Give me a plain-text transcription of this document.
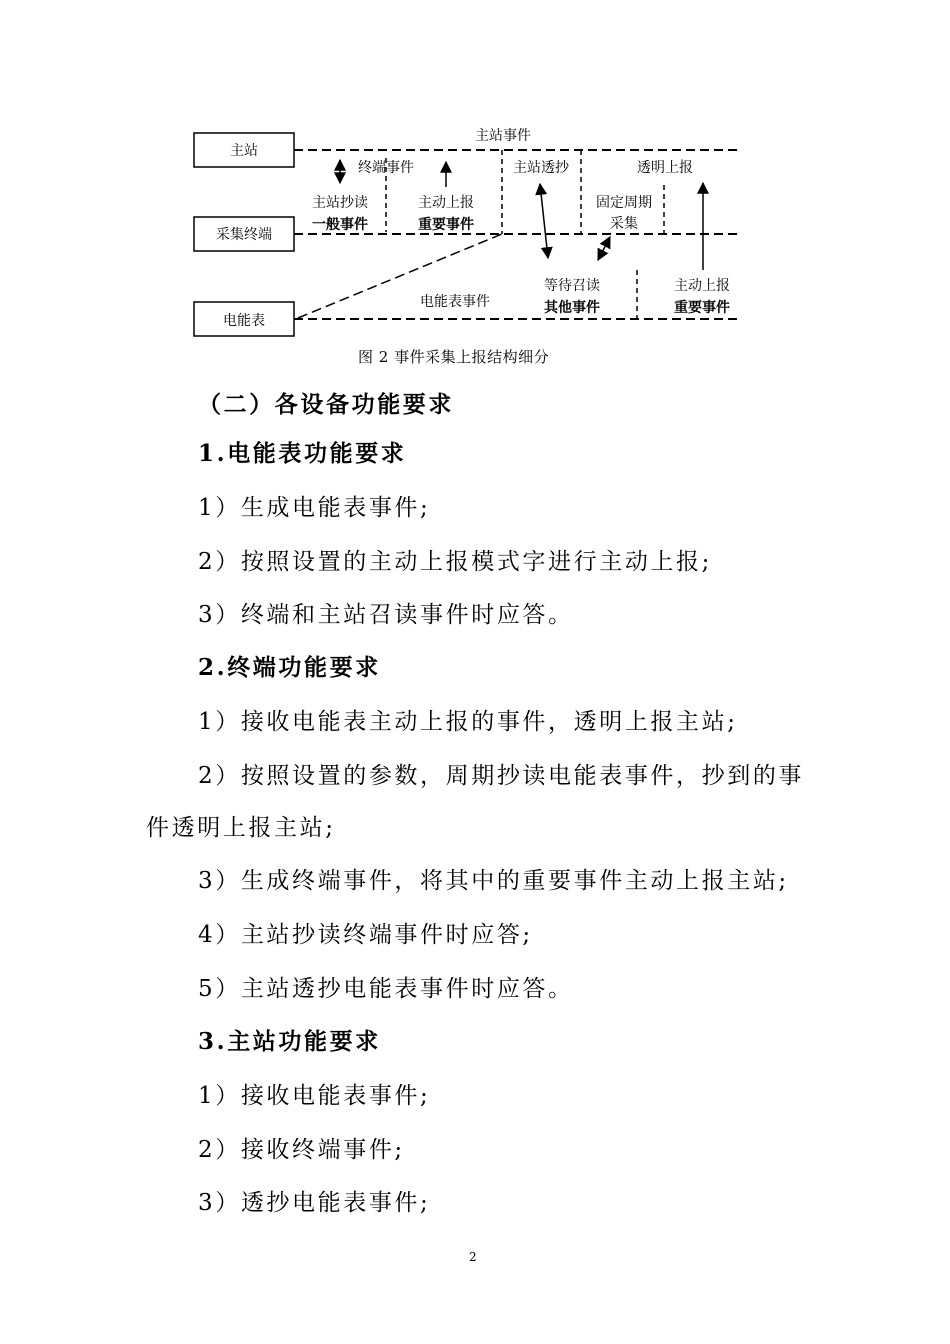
主站
采集终端
电能表
主站事件
终端事件
主站抄读
一般事件
主动上报
重要事件
主站透抄	透明上报
固定周期
采集
电能表事件
等待召读
其他事件
主动上报
重要事件
图 2 事件采集上报结构细分
（二）各设备功能要求
1.电能表功能要求
1）生成电能表事件;
2）按照设置的主动上报模式字进行主动上报;
3）终端和主站召读事件时应答。
2.终端功能要求
1）接收电能表主动上报的事件，透明上报主站;
2）按照设置的参数，周期抄读电能表事件，抄到的事
件透明上报主站;
3）生成终端事件，将其中的重要事件主动上报主站;
4）主站抄读终端事件时应答;
5）主站透抄电能表事件时应答。
3.主站功能要求
1）接收电能表事件;
2）接收终端事件;
3）透抄电能表事件;
2
